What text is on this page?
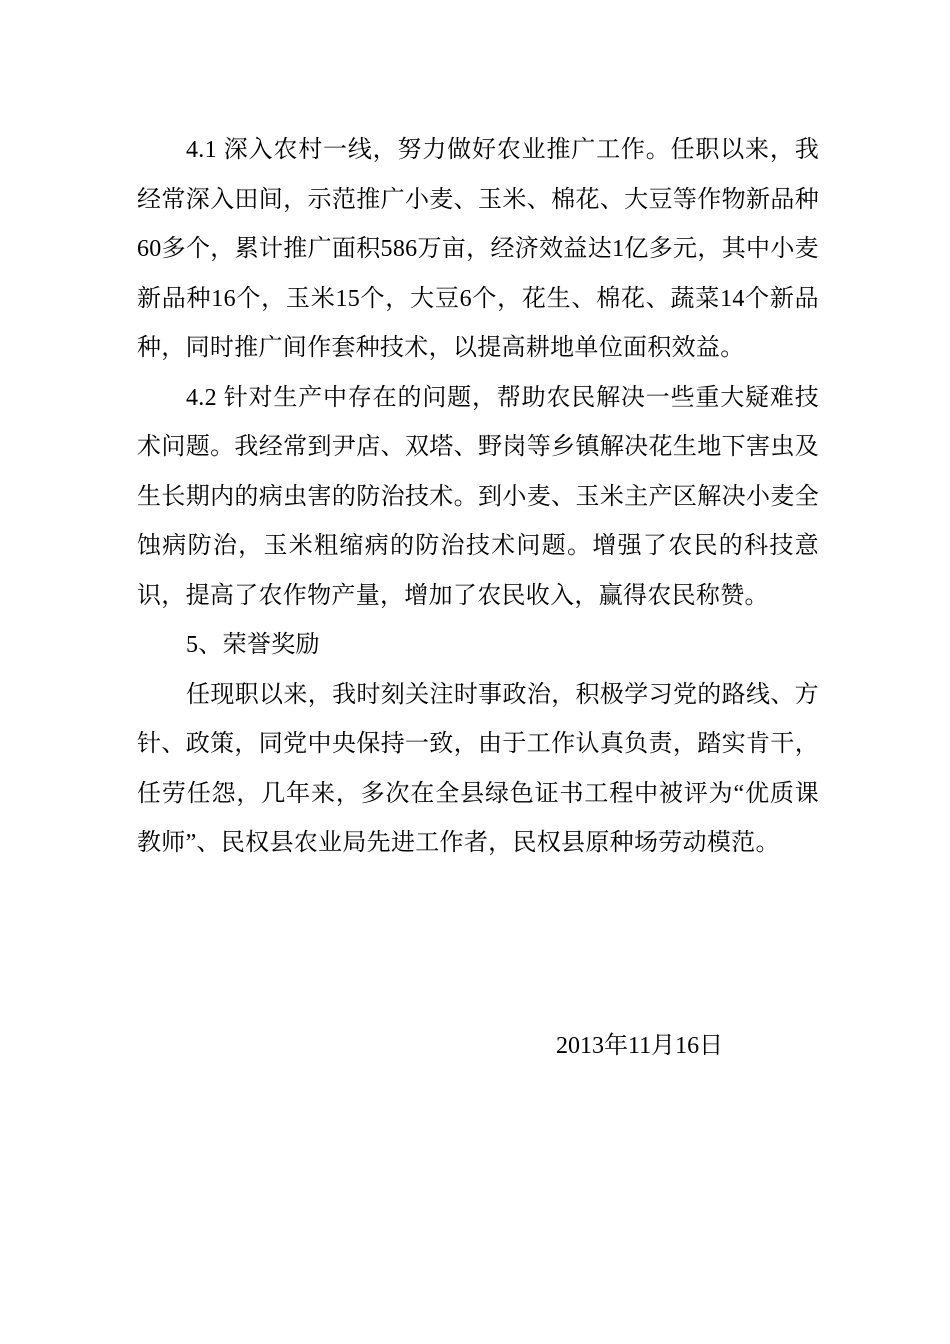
4.1 深入农村一线，努力做好农业推广工作。任职以来，我经常深入田间，示范推广小麦、玉米、棉花、大豆等作物新品种60多个，累计推广面积586万亩，经济效益达1亿多元，其中小麦新品种16个，玉米15个，大豆6个，花生、棉花、蔬菜14个新品种，同时推广间作套种技术，以提高耕地单位面积效益。

4.2 针对生产中存在的问题，帮助农民解决一些重大疑难技术问题。我经常到尹店、双塔、野岗等乡镇解决花生地下害虫及生长期内的病虫害的防治技术。到小麦、玉米主产区解决小麦全蚀病防治，玉米粗缩病的防治技术问题。增强了农民的科技意识，提高了农作物产量，增加了农民收入，赢得农民称赞。

5、荣誉奖励

任现职以来，我时刻关注时事政治，积极学习党的路线、方针、政策，同党中央保持一致，由于工作认真负责，踏实肯干，任劳任怨，几年来，多次在全县绿色证书工程中被评为“优质课教师”、民权县农业局先进工作者，民权县原种场劳动模范。

2013年11月16日
